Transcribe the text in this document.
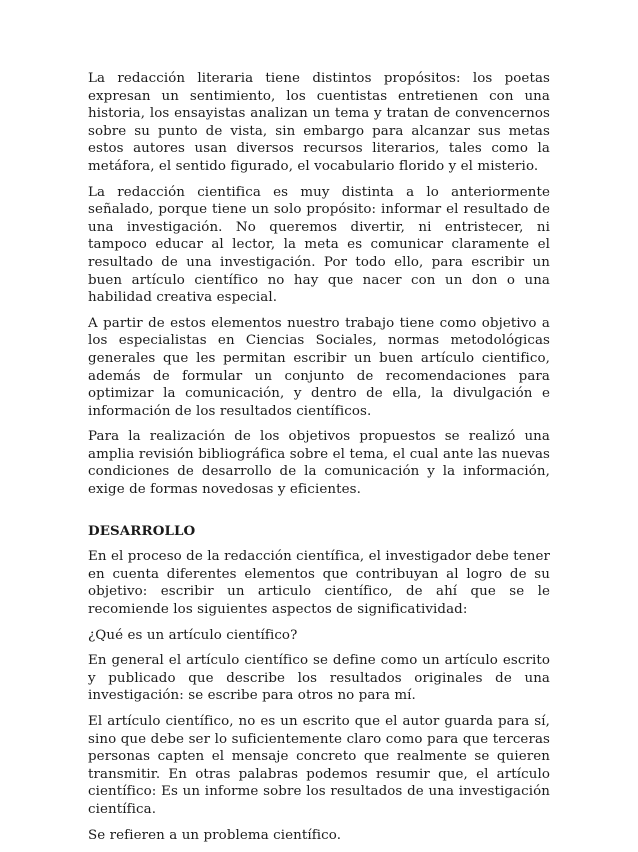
La redacción literaria tiene distintos propósitos: los poetas expresan un sentimiento, los cuentistas entretienen con una historia, los ensayistas analizan un tema y tratan de convencernos sobre su punto de vista, sin embargo para alcanzar sus metas estos autores usan diversos recursos literarios, tales como la metáfora, el sentido figurado, el vocabulario florido y el misterio.

La redacción cientifica es muy distinta a lo anteriormente señalado, porque tiene un solo propósito: informar el resultado de una investigación. No queremos divertir, ni entristecer, ni tampoco educar al lector, la meta es comunicar claramente el resultado de una investigación. Por todo ello, para escribir un buen artículo científico no hay que nacer con un don o una habilidad creativa especial.

A partir de estos elementos nuestro trabajo tiene como objetivo a los especialistas en Ciencias Sociales, normas metodológicas generales que les permitan escribir un buen artículo cientifico, además de formular un conjunto de recomendaciones para optimizar la comunicación, y dentro de ella, la divulgación e información de los resultados científicos.

Para la realización de los objetivos propuestos se realizó una amplia revisión bibliográfica sobre el tema, el cual ante las nuevas condiciones de desarrollo de la comunicación y la información, exige de formas novedosas y eficientes.

DESARROLLO

En el proceso de la redacción científica, el investigador debe tener en cuenta diferentes elementos que contribuyan al logro de su objetivo: escribir un articulo científico, de ahí que se le recomiende los siguientes aspectos de significatividad:

¿Qué es un artículo científico?

En general el artículo científico se define como un artículo escrito y publicado que describe los resultados originales de una investigación: se escribe para otros no para mí.

El artículo científico, no es un escrito que el autor guarda para sí, sino que debe ser lo suficientemente claro como para que terceras personas capten el mensaje concreto que realmente se quieren transmitir. En otras palabras podemos resumir que, el artículo científico: Es un informe sobre los resultados de una investigación científica.

Se refieren a un problema científico.
